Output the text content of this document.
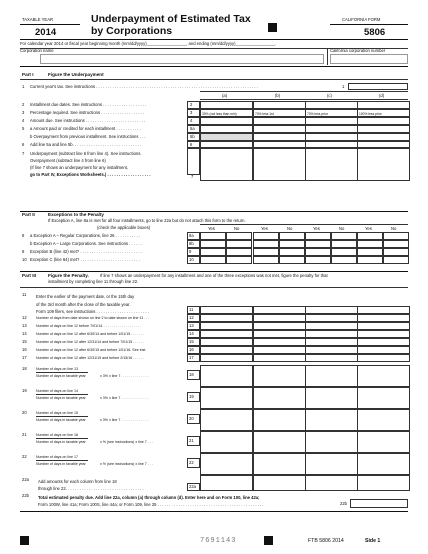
TAXABLE YEAR
2014
Underpayment of Estimated Tax
by Corporations
CALIFORNIA FORM
5806
For calendar year 2014 or fiscal year beginning month (mm/dd/yyyy)_________________, and ending (mm/dd/yyyy)_________________.
Corporation name	California corporation number
Part I	Figure the Underpayment
1 Current year's tax. See instructions . . . . . . . . . . . . . . . . . . . . . . . . . . . . . . . . . . . . . . . . . . . . . . . . . . . . . . . . . . . . . . . . . . . . . .	1
(a)	(b)	(c)	(d)
2 Installment due dates. See instructions . . . . . . . . . . . . . . . . . . .	2
3 Percentage required. See instructions . . . . . . . . . . . . . . . . . . .	3	30% (not less than min)	70% less 1st	70% less prior	100% less prior
4 Amount due. See instructions . . . . . . . . . . . . . . . . . . . . . . . . . .	4
5 a Amount paid or credited for each installment . . . . . . . . . . .	5a
b Overpayment from previous installment. See instructions . . .	5b
6 Add line 5a and line 5b. . . . . . . . . . . . . . . . . . . . . . . . . . . . . .	6
7 Underpayment (subtract line 6 from line 4). See instructions.
Overpayment (subtract line 4 from line 6)
(If line 7 shows an underpayment for any installment,
go to Part IV, Exceptions Worksheets.) . . . . . . . . . . . . . . . . . . .	7
Part II	Exceptions to the Penalty
If Exception A, line 8a is met for all four installments, go to line 22a but do not attach this form to the return.
(check the applicable boxes)	Yes	No	Yes	No	Yes	No	Yes	No
8 a Exception A – Regular Corporations, line 26 . . . . . . . . . . .	8a
b Exception A – Large Corporations. See instructions . . . . . .	8b
9 Exception B (line 42) met? . . . . . . . . . . . . . . . . . . . . . . . . . . .	9
10 Exception C (line 64) met? . . . . . . . . . . . . . . . . . . . . . . . . . .	10
Part III	Figure the Penalty.	If line 7 shows an underpayment for any installment and one of the three exceptions was not met, figure the penalty for that
installment by completing line 11 through line 22.
11 Enter the earlier of the payment date, or the 15th day
of the 3rd month after the close of the taxable year.
Form 109 filers, see instructions . . . . . . . . . . . . . . . . . . . . . . .	11
12	Number of days from date shown on line 2 to date shown on line 11 . . .	12
13	Number of days on line 12 before 7/01/14. . . . . . . . . . . . . . . . . . . .	13
14	Number of days on line 12 after 6/30/14 and before 1/01/15 . . . . . . .	14
15	Number of days on line 12 after 12/31/14 and before 7/01/15 . . . . . .	15
16	Number of days on line 12 after 6/30/15 and before 1/01/16. See inst.	16
17	Number of days on line 12 after 12/31/15 and before 2/15/16 . . . . . .	17
18	Number of days on line 13
Number of days in taxable year	x 3% x line 7 . . . . . . . . . . . . . .	18
19	Number of days on line 14
Number of days in taxable year	x 3% x line 7 . . . . . . . . . . . . . .	19
20	Number of days on line 15
Number of days in taxable year	x 3% x line 7 . . . . . . . . . . . . . .	20
21	Number of days on line 16
Number of days in taxable year	x % (see instructions) x line 7 . . .	21
22	Number of days on line 17
Number of days in taxable year	x % (see instructions) x line 7 . . .	22
22a Add amounts for each column from line 18
through line 22. . . . . . . . . . . . . . . . . . . . . . . . . . . . . . . . . .	22a
22b Total estimated penalty due. Add line 22a, column (a) through column (d). Enter here and on Form 100, line 42a;
Form 100W, line 41a; Form 100S, line 44a; or Form 109, line 25 . . . . . . . . . . . . . . . . . . . . . . . . . . . . . . . . . . . . . . . . . . . . . .	22b
7691143	FTB 5806 2014	Side 1
